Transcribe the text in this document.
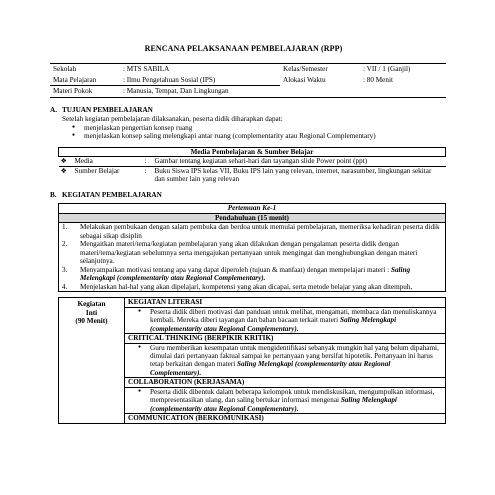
RENCANA PELAKSANAAN PEMBELAJARAN (RPP)
Sekolah	: MTS SABILA	Kelas/Semester	: VII / 1 (Ganjil)
Mata Pelajaran	: Ilmu Pengetahuan Sosial (IPS)	Alokasi Waktu	: 80 Menit
Materi Pokok	: Manusia, Tempat, Dan Lingkungan		
A. TUJUAN PEMBELAJARAN
Setelah kegiatan pembelajaran dilaksanakan, peserta didik diharapkan dapat:
● menjelaskan pengertian konsep ruang
● menjelaskan konsep saling melengkapi antar ruang (complementarity atau Regional Complementary)
Media Pembelajaran & Sumber Belajar			
❖	Media	:	Gambar tentang kegiatan sehari-hari dan tayangan slide Power point (ppt)
❖	Sumber Belajar	:	Buku Siswa IPS kelas VII, Buku IPS lain yang relevan, internet, narasumber, lingkungan sekitar dan sumber lain yang relevan
B. KEGIATAN PEMBELAJARAN
Pertemuan Ke-1
Pendahuluan (15 menit)

1.	Melakukan pembukaan dengan salam pembuka dan berdoa untuk memulai pembelajaran, memeriksa kehadiran peserta didik sebagai sikap disiplin
2.	Mengaitkan materi/tema/kegiatan pembelajaran yang akan dilakukan dengan pengalaman peserta didik dengan materi/tema/kegiatan sebelumnya serta mengajukan pertanyaan untuk mengingat dan menghubungkan dengan materi selanjutnya.
3.	Menyampaikan motivasi tentang apa yang dapat diperoleh (tujuan & manfaat) dengan mempelajari materi : Saling Melengkapi (complementarity atau Regional Complementary).
4.	Menjelaskan hal-hal yang akan dipelajari, kompetensi yang akan dicapai, serta metode belajar yang akan ditempuh,
Kegiatan
Inti
(90 Menit)
	KEGIATAN LITERASI

● Peserta didik diberi motivasi dan panduan untuk melihat, mengamati, membaca dan menuliskannya kembali. Mereka diberi tayangan dan bahan bacaan terkait materi Saling Melengkapi (complementarity atau Regional Complementary).

CRITICAL THINKING (BERPIKIR KRITIK)

● Guru memberikan kesempatan untuk mengidentifikasi sebanyak mungkin hal yang belum dipahami, dimulai dari pertanyaan faktual sampai ke pertanyaan yang bersifat hipotetik. Pertanyaan ini harus tetap berkaitan dengan materi Saling Melengkapi (complementarity atau Regional Complementary).

COLLABORATION (KERJASAMA)

● Peserta didik dibentuk dalam beberapa kelompok untuk mendiskusikan, mengumpulkan informasi, mempresentasikan ulang, dan saling bertukar informasi mengenai Saling Melengkapi (complementarity atau Regional Complementary).

COMMUNICATION (BERKOMUNIKASI)
